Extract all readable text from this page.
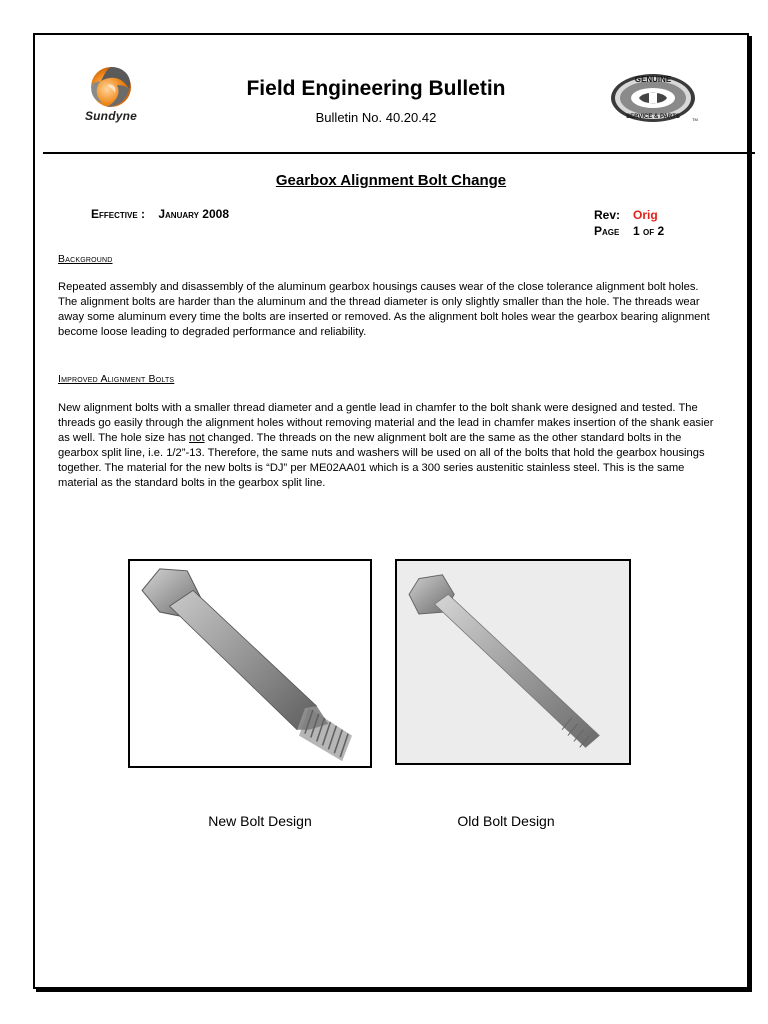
Sundyne
Field Engineering Bulletin
Bulletin No. 40.20.42
GENUINE
SERVICE & PARTS	TM
Gearbox Alignment Bolt Change
Effective : January 2008	Rev:	Orig
Page	1 of 2
Background
Repeated assembly and disassembly of the aluminum gearbox housings causes wear of the close tolerance alignment bolt holes. The alignment bolts are harder than the aluminum and the thread diameter is only slightly smaller than the hole. The threads wear away some aluminum every time the bolts are inserted or removed. As the alignment bolt holes wear the gearbox bearing alignment become loose leading to degraded performance and reliability.
Improved Alignment Bolts
New alignment bolts with a smaller thread diameter and a gentle lead in chamfer to the bolt shank were designed and tested. The threads go easily through the alignment holes without removing material and the lead in chamfer makes insertion of the shank easier as well. The hole size has not changed. The threads on the new alignment bolt are the same as the other standard bolts in the gearbox split line, i.e. 1/2”-13. Therefore, the same nuts and washers will be used on all of the bolts that hold the gearbox housings together. The material for the new bolts is “DJ” per ME02AA01 which is a 300 series austenitic stainless steel. This is the same material as the standard bolts in the gearbox split line.
New Bolt Design	Old Bolt Design
